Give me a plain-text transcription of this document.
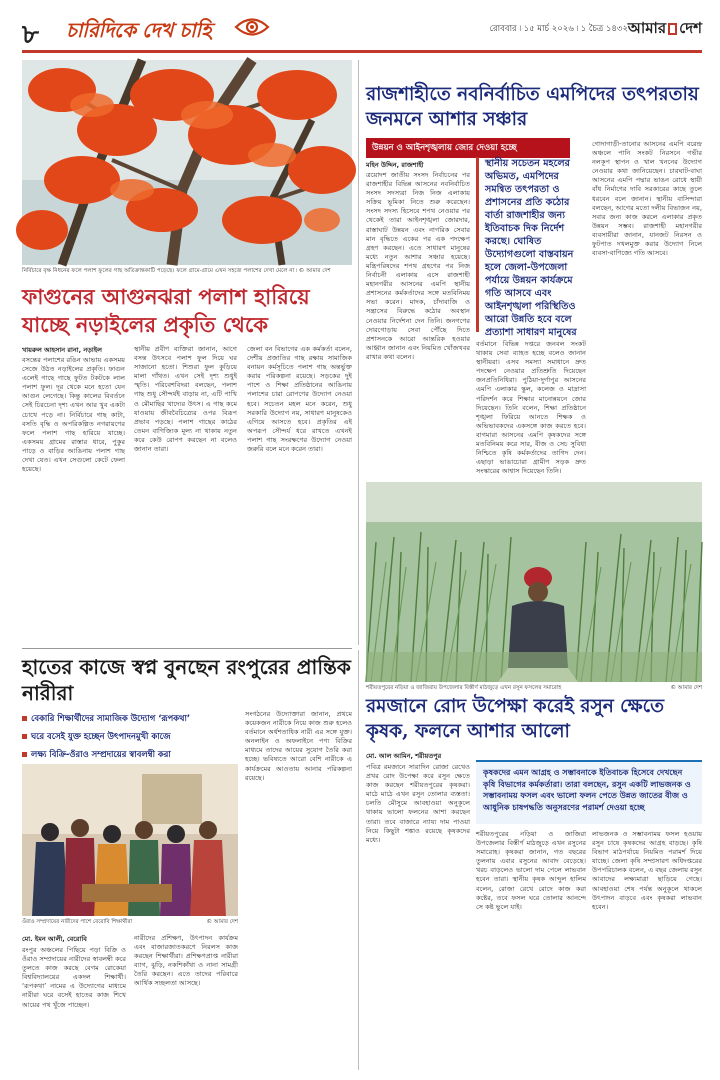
৮ চারিদিকে দেখ চাহি	রোববার ৷ ১৫ মার্চ ২০২৬ ৷ ১ চৈত্র ১৪৩২ আমার দেশ
নির্বিচারে বৃক্ষ নিধনের ফলে পলাশ ফুলের গাছ অতিক্রান্তকাটি পড়েছে। ফলে গ্রামে-গ্রামে এখন সহজে পলাশের দেখা মেলে না ৷ © আমার দেশ
ফাগুনের আগুনঝরা পলাশ হারিয়ে যাচ্ছে নড়াইলের প্রকৃতি থেকে
খায়রুল আহসান রানা, নড়াইল
বসন্তের পলাশের রঙিন আভায় একসময় সেজে উঠত নড়াইলের প্রকৃতি। ফাগুন এলেই গাছে গাছে ফুটত টকটকে লাল পলাশ ফুল। দূর থেকে মনে হতো যেন আগুন লেগেছে। কিন্তু কালের বিবর্তনে সেই চিরচেনা দৃশ্য এখন আর খুব একটা চোখে পড়ে না। নির্বিচারে গাছ কাটা, বসতি বৃদ্ধি ও অপরিকল্পিত নগরায়ণের ফলে পলাশ গাছ হারিয়ে যাচ্ছে। একসময় গ্রামের রাস্তার ধারে, পুকুর পাড়ে ও বাড়ির আঙিনায় পলাশ গাছ দেখা যেত। এখন সেগুলো কেটে ফেলা হয়েছে।
স্থানীয় প্রবীণ ব্যক্তিরা জানান, আগে বসন্ত উৎসবে পলাশ ফুল দিয়ে ঘর সাজানো হতো। শিশুরা ফুল কুড়িয়ে মালা গাঁথত। এখন সেই দৃশ্য শুধুই স্মৃতি। পরিবেশবিদরা বলছেন, পলাশ গাছ শুধু সৌন্দর্যই বাড়ায় না, এটি পাখি ও মৌমাছির খাদ্যের উৎস। এ গাছ কমে যাওয়ায় জীববৈচিত্র্যের ওপর বিরূপ প্রভাব পড়ছে। পলাশ গাছের কাঠের তেমন বাণিজ্যিক মূল্য না থাকায় নতুন করে কেউ রোপণ করছেন না বলেও জানান তারা।
জেলা বন বিভাগের এক কর্মকর্তা বলেন, দেশীয় প্রজাতির গাছ রক্ষায় সামাজিক বনায়ন কর্মসূচিতে পলাশ গাছ অন্তর্ভুক্ত করার পরিকল্পনা রয়েছে। সড়কের দুই পাশে ও শিক্ষা প্রতিষ্ঠানের আঙিনায় পলাশের চারা রোপণের উদ্যোগ নেওয়া হবে। সচেতন মহল মনে করেন, শুধু সরকারি উদ্যোগ নয়, সাধারণ মানুষকেও এগিয়ে আসতে হবে। প্রকৃতির এই অপরূপ সৌন্দর্য ধরে রাখতে এখনই পলাশ গাছ সংরক্ষণের উদ্যোগ নেওয়া জরুরি বলে মনে করেন তারা।
রাজশাহীতে নবনির্বাচিত এমপিদের তৎপরতায় জনমনে আশার সঞ্চার
উন্নয়ন ও আইনশৃঙ্খলায় জোর দেওয়া হচ্ছে
মহিন উদ্দিন, রাজশাহী
ত্রয়োদশ জাতীয় সংসদ নির্বাচনের পর রাজশাহীর বিভিন্ন আসনের নবনির্বাচিত সংসদ সদস্যরা নিজ নিজ এলাকায় সক্রিয় ভূমিকা নিতে শুরু করেছেন। সংসদ সদস্য হিসেবে শপথ নেওয়ার পর থেকেই তারা আইনশৃঙ্খলা জোরদার, রাস্তাঘাট উন্নয়ন এবং নাগরিক সেবার মান বৃদ্ধিতে একের পর এক পদক্ষেপ গ্রহণ করছেন। এতে সাধারণ মানুষের মধ্যে নতুন আশার সঞ্চার হয়েছে। মন্ত্রিপরিষদের শপথ গ্রহণের পর নিজ নির্বাচনী এলাকায় এসে রাজশাহী মহানগরীর আসনের এমপি স্থানীয় প্রশাসনের কর্মকর্তাদের সঙ্গে মতবিনিময় সভা করেন। মাদক, চাঁদাবাজি ও সন্ত্রাসের বিরুদ্ধে কঠোর অবস্থান নেওয়ার নির্দেশনা দেন তিনি। জনগণের দোরগোড়ায় সেবা পৌঁছে দিতে প্রশাসনকে আরো আন্তরিক হওয়ার আহ্বান জানান এবং নিয়মিত খোঁজখবর রাখার কথা বলেন।
স্থানীয় সচেতন মহলের অভিমত, এমপিদের সমন্বিত তৎপরতা ও প্রশাসনের প্রতি কঠোর বার্তা রাজশাহীর জন্য ইতিবাচক দিক নির্দেশ করছে। ঘোষিত উদ্যোগগুলো বাস্তবায়ন হলে জেলা-উপজেলা পর্যায়ে উন্নয়ন কার্যক্রমে গতি আসবে এবং আইনশৃঙ্খলা পরিস্থিতিও আরো উন্নতি হবে বলে প্রত্যাশা সাধারণ মানুষের
বর্তমানে বিভিন্ন দপ্তরে জনবল সংকট থাকায় সেবা ব্যাহত হচ্ছে বলেও জানান স্থানীয়রা। এসব সমস্যা সমাধানে দ্রুত পদক্ষেপ নেওয়ার প্রতিশ্রুতি দিয়েছেন জনপ্রতিনিধিরা। পুঠিয়া-দুর্গাপুর আসনের এমপি এলাকার স্কুল, কলেজ ও মাদ্রাসা পরিদর্শন করে শিক্ষার মানোন্নয়নে জোর দিয়েছেন। তিনি বলেন, শিক্ষা প্রতিষ্ঠানে শৃঙ্খলা ফিরিয়ে আনতে শিক্ষক ও অভিভাবকদের একসঙ্গে কাজ করতে হবে। বাগমারা আসনের এমপি কৃষকদের সঙ্গে মতবিনিময় করে সার, বীজ ও সেচ সুবিধা নিশ্চিতে কৃষি কর্মকর্তাদের তাগিদ দেন। এছাড়া ভাঙাচোরা গ্রামীণ সড়ক দ্রুত সংস্কারের আশ্বাস দিয়েছেন তিনি।
গোদাগাড়ী-তানোর আসনের এমপি বরেন্দ্র অঞ্চলে পানি সংকট নিরসনে গভীর নলকূপ স্থাপন ও খাল খননের উদ্যোগ নেওয়ার কথা জানিয়েছেন। চারঘাট-বাঘা আসনের এমপি পদ্মার ভাঙন রোধে স্থায়ী বাঁধ নির্মাণের দাবি সরকারের কাছে তুলে ধরবেন বলে জানান। স্থানীয় বাসিন্দারা বলছেন, আগের মতো দলীয় বিভাজন নয়, সবার জন্য কাজ করলে এলাকার প্রকৃত উন্নয়ন সম্ভব। রাজশাহী মহানগরীর ব্যবসায়ীরা জানান, যানজট নিরসন ও ফুটপাত দখলমুক্ত করার উদ্যোগ নিলে ব্যবসা-বাণিজ্যে গতি আসবে।
শরীয়তপুরের নড়িয়া ও জাজিরায় উপজেলার বিস্তীর্ণ মাঠজুড়ে এখন রসুন ফসলের সমারোহ	© আমার দেশ
রমজানে রোদ উপেক্ষা করেই রসুন ক্ষেতে কৃষক, ফলনে আশার আলো
মো. আল আমিন, শরীয়তপুর
কৃষকদের এমন আগ্রহ ও সম্ভাবনাকে ইতিবাচক হিসেবে দেখছেন কৃষি বিভাগের কর্মকর্তারা। তারা বলছেন, রসুন একটি লাভজনক ও সম্ভাবনাময় ফসল এবং ভালো ফলন পেতে উন্নত জাতের বীজ ও আধুনিক চাষপদ্ধতি অনুসরণের পরামর্শ দেওয়া হচ্ছে
পবিত্র রমজানে সারাদিন রোজা রেখেও প্রখর রোদ উপেক্ষা করে রসুন ক্ষেতে কাজ করছেন শরীয়তপুরের কৃষকরা। মাঠে মাঠে এখন রসুন তোলার ব্যস্ততা। চলতি মৌসুমে আবহাওয়া অনুকূলে থাকায় ভালো ফলনের আশা করছেন তারা। তবে বাজারে ন্যায্য দাম পাওয়া নিয়ে কিছুটা শঙ্কাও রয়েছে কৃষকদের মধ্যে।
শরীয়তপুরের নড়িয়া ও জাজিরা উপজেলার বিস্তীর্ণ মাঠজুড়ে এখন রসুনের সমারোহ। কৃষকরা জানান, গত বছরের তুলনায় এবার রসুনের আবাদ বেড়েছে। খরচ বাড়লেও ভালো দাম পেলে লাভবান হবেন তারা। স্থানীয় কৃষক আব্দুল হালিম বলেন, রোজা রেখে রোদে কাজ করা কষ্টের, তবে ফসল ঘরে তোলার আনন্দে সে কষ্ট ভুলে যাই।
লাভজনক ও সম্ভাবনাময় ফসল হওয়ায় রসুন চাষে কৃষকদের আগ্রহ বাড়ছে। কৃষি বিভাগ মাঠপর্যায়ে নিয়মিত পরামর্শ দিয়ে যাচ্ছে। জেলা কৃষি সম্প্রসারণ অধিদপ্তরের উপপরিচালক বলেন, এ বছর জেলায় রসুন আবাদের লক্ষ্যমাত্রা ছাড়িয়ে গেছে। আবহাওয়া শেষ পর্যন্ত অনুকূলে থাকলে উৎপাদন বাড়বে এবং কৃষকরা লাভবান হবেন।
হাতের কাজে স্বপ্ন বুনছেন রংপুরের প্রান্তিক নারীরা
বেকারি শিক্ষার্থীদের সামাজিক উদ্যোগ ‘রূপকথা’
ঘরে বসেই যুক্ত হচ্ছেন উৎপাদনমুখী কাজে
লক্ষ্য বিক্রি-ওঁরাও সম্প্রদায়ের স্বাবলম্বী করা
সংগঠনের উদ্যোক্তারা জানান, প্রথমে কয়েকজন নারীকে নিয়ে কাজ শুরু হলেও বর্তমানে অর্ধশতাধিক নারী এর সঙ্গে যুক্ত। অনলাইন ও অফলাইনে পণ্য বিক্রির মাধ্যমে তাদের আয়ের সুযোগ তৈরি করা হচ্ছে। ভবিষ্যতে আরো বেশি নারীকে এ কার্যক্রমের আওতায় আনার পরিকল্পনা রয়েছে।
ওঁরাও সম্প্রদায়ের নারীদের পাশে বেরোবি শিক্ষার্থীরা	© আমার দেশ
মো. ইমন আলী, বেরোবি
রংপুর অঞ্চলের পিছিয়ে পড়া বিক্রি ও ওঁরাও সম্প্রদায়ের নারীদের স্বাবলম্বী করে তুলতে কাজ করছে বেগম রোকেয়া বিশ্ববিদ্যালয়ের একদল শিক্ষার্থী। ‘রূপকথা’ নামের এ উদ্যোগের মাধ্যমে নারীরা ঘরে বসেই হাতের কাজ শিখে আয়ের পথ খুঁজে পাচ্ছেন।
নারীদের প্রশিক্ষণ, উৎপাদন কার্যক্রম এবং বাজারজাতকরণে নিরলস কাজ করছেন শিক্ষার্থীরা। প্রশিক্ষণপ্রাপ্ত নারীরা ব্যাগ, ঝুড়ি, নকশিকাঁথা ও নানা সামগ্রী তৈরি করছেন। এতে তাদের পরিবারে আর্থিক সচ্ছলতা আসছে।
